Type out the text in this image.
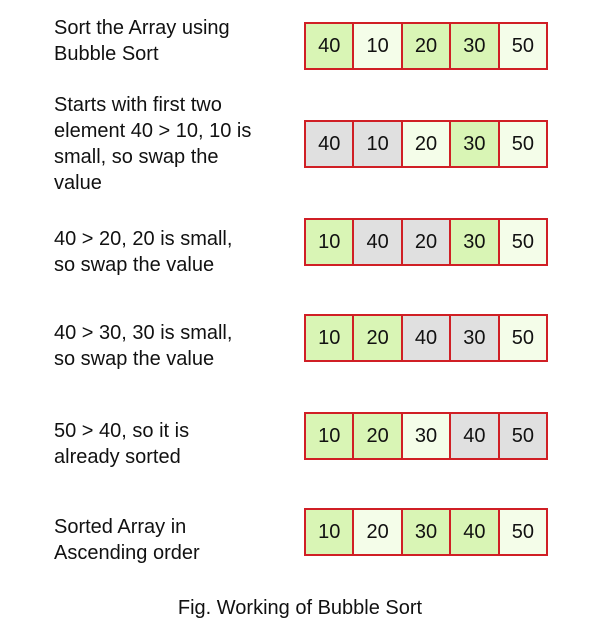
Sort the Array using
Bubble Sort	40	10	20	30	50
Starts with first two
element 40 > 10, 10 is
small, so swap the
value
40	10	20	30	50
40 > 20, 20 is small,
so swap the value
10	40	20	30	50
40 > 30, 30 is small,
so swap the value
10	20	40	30	50
50 > 40, so it is
already sorted
10	20	30	40	50
Sorted Array in
Ascending order
10	20	30	40	50
Fig. Working of Bubble Sort
